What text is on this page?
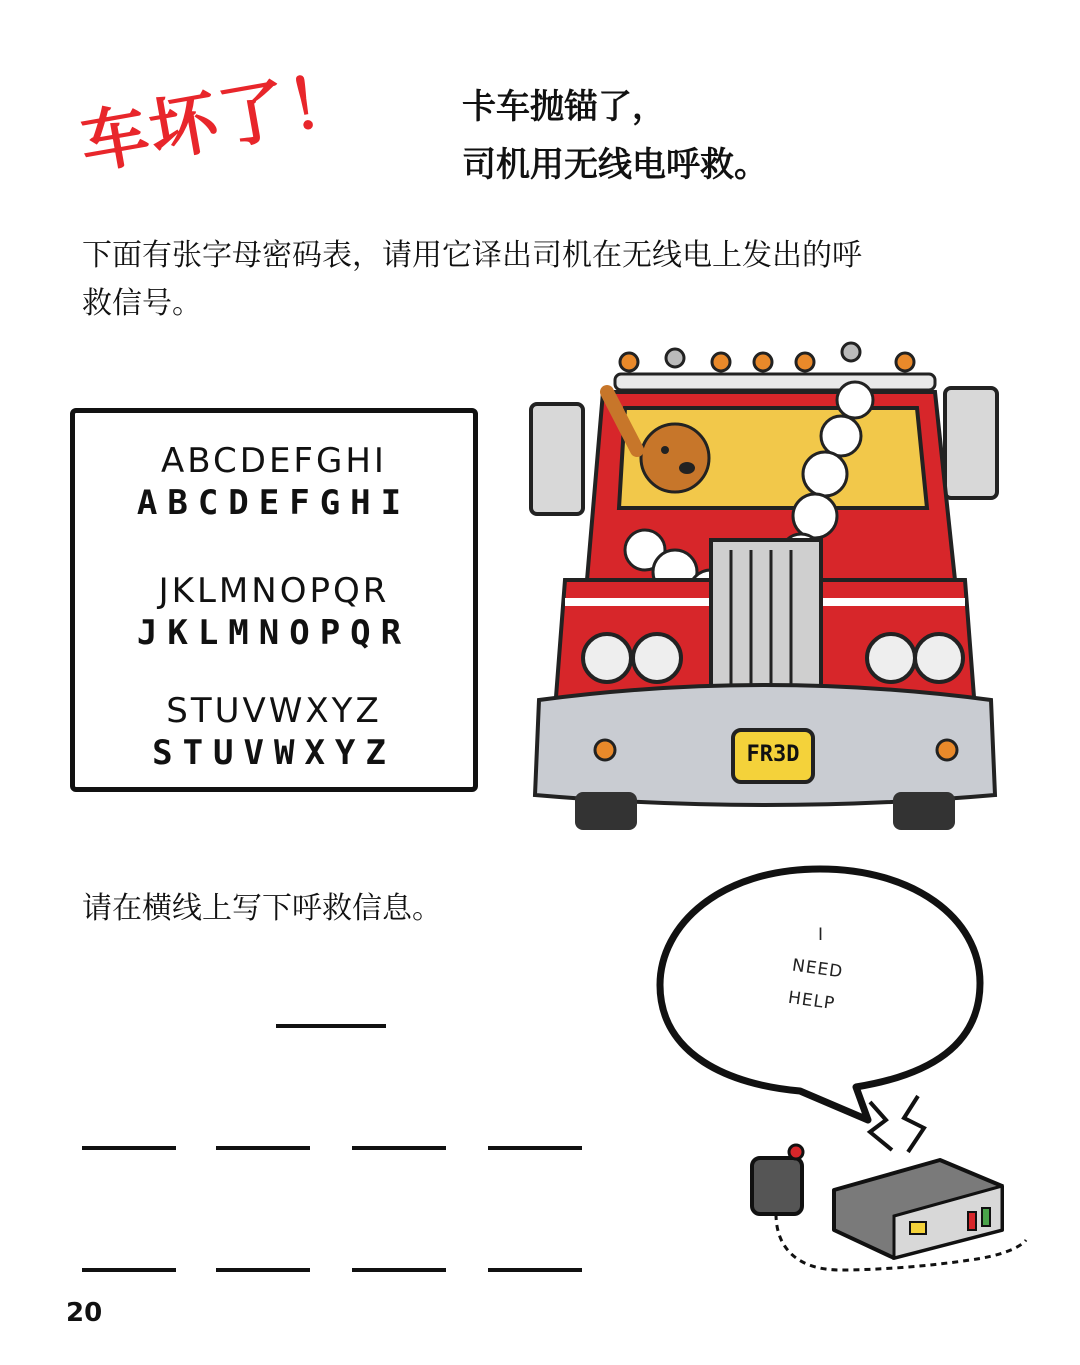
车坏了！	卡车抛锚了，
司机用无线电呼救。
下面有张字母密码表，请用它译出司机在无线电上发出的呼救信号。
ABCDEFGHI
ABCDEFGHI
JKLMNOPQR
JKLMNOPQR
STUVWXYZ
STUVWXYZ	FR3D
I
NEED
HELP
请在横线上写下呼救信息。
20
